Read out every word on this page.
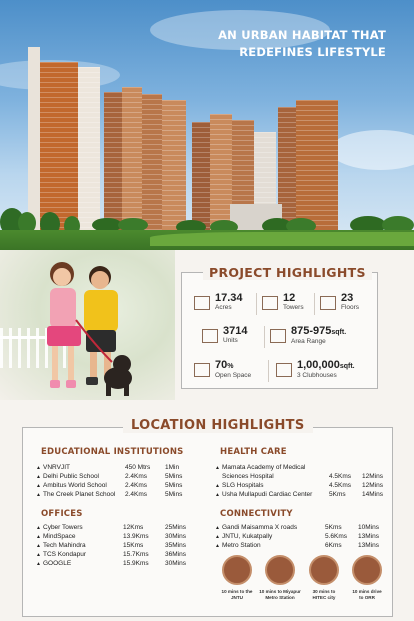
AN URBAN HABITAT THAT
REDEFINES LIFESTYLE
PROJECT HIGHLIGHTS
17.34
Acres
12
Towers
23
Floors
3714
Units
875-975sqft.
Area Range
70%
Open Space
1,00,000sqft.
3 Clubhouses
LOCATION HIGHLIGHTS
EDUCATIONAL INSTITUTIONS
▲ VNRVJIT	450 Mtrs 1Min
▲ Delhi Public School	2.4Kms	5Mins
▲ Ambitus World School	2.4Kms	5Mins
▲ The Creek Planet School 2.4Kms	5Mins
HEALTH CARE
▲ Mamata Academy of Medical
Sciences Hospital	4.5Kms 12Mins
▲ SLG Hospitals	4.5Kms 12Mins
▲ Usha Mullapudi Cardiac Center	5Kms	14Mins
OFFICES
▲ Cyber Towers	12Kms	25Mins
▲ MindSpace	13.9Kms	30Mins
▲ Tech Mahindra	15Kms	35Mins
▲ TCS Kondapur	15.7Kms	36Mins
▲ GOOGLE	15.9Kms	30Mins
CONNECTIVITY
▲ Gandi Maisamma X roads	5Kms	10Mins
▲ JNTU, Kukatpally	5.6Kms 13Mins
▲ Metro Station	6Kms	13Mins
10 mins to the
JNTU
10 mins to Miyapur
Metro Station
30 mins to
HITEC city
10 mins drive
to ORR
